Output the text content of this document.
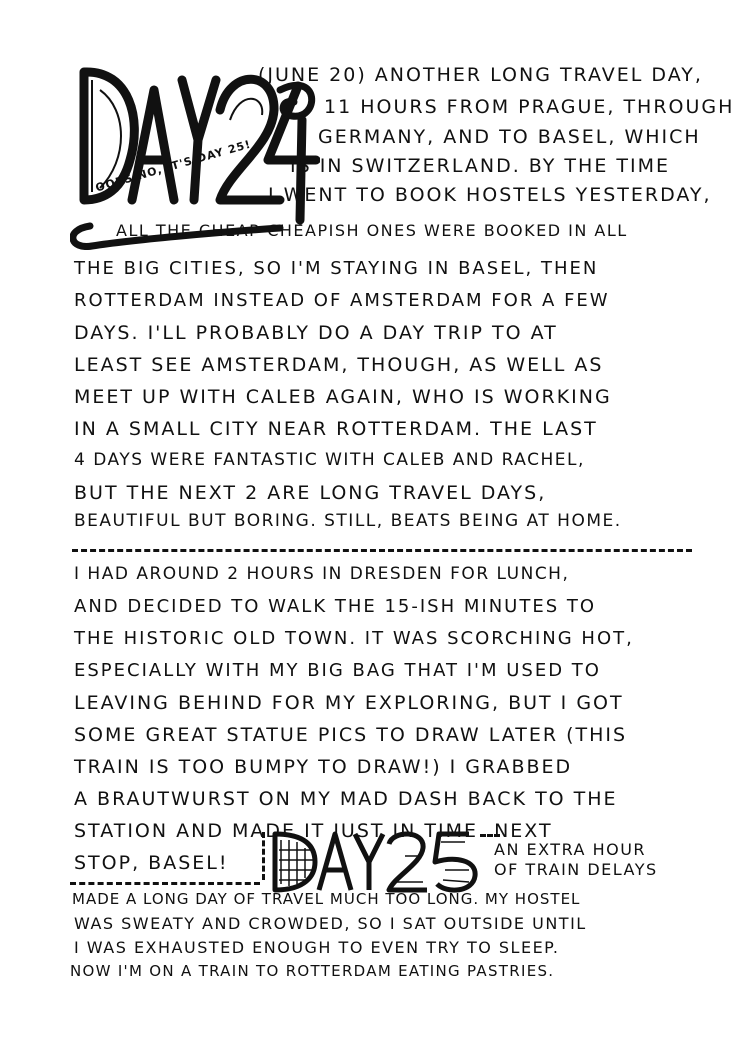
OOPS NO, IT'S DAY 25!
(JUNE 20) ANOTHER LONG TRAVEL DAY,
11 HOURS FROM PRAGUE, THROUGH
GERMANY, AND TO BASEL, WHICH
IS IN SWITZERLAND. BY THE TIME
I WENT TO BOOK HOSTELS YESTERDAY,
ALL THE CHEAP-CHEAPISH ONES WERE BOOKED IN ALL
THE BIG CITIES, SO I'M STAYING IN BASEL, THEN
ROTTERDAM INSTEAD OF AMSTERDAM FOR A FEW
DAYS. I'LL PROBABLY DO A DAY TRIP TO AT
LEAST SEE AMSTERDAM, THOUGH, AS WELL AS
MEET UP WITH CALEB AGAIN, WHO IS WORKING
IN A SMALL CITY NEAR ROTTERDAM. THE LAST
4 DAYS WERE FANTASTIC WITH CALEB AND RACHEL,
BUT THE NEXT 2 ARE LONG TRAVEL DAYS,
BEAUTIFUL BUT BORING. STILL, BEATS BEING AT HOME.
I HAD AROUND 2 HOURS IN DRESDEN FOR LUNCH,
AND DECIDED TO WALK THE 15-ISH MINUTES TO
THE HISTORIC OLD TOWN. IT WAS SCORCHING HOT,
ESPECIALLY WITH MY BIG BAG THAT I'M USED TO
LEAVING BEHIND FOR MY EXPLORING, BUT I GOT
SOME GREAT STATUE PICS TO DRAW LATER (THIS
TRAIN IS TOO BUMPY TO DRAW!) I GRABBED
A BRAUTWURST ON MY MAD DASH BACK TO THE
STATION AND MADE IT JUST IN TIME. NEXT
STOP, BASEL!
AN EXTRA HOUR
OF TRAIN DELAYS
MADE A LONG DAY OF TRAVEL MUCH TOO LONG. MY HOSTEL
WAS SWEATY AND CROWDED, SO I SAT OUTSIDE UNTIL
I WAS EXHAUSTED ENOUGH TO EVEN TRY TO SLEEP.
NOW I'M ON A TRAIN TO ROTTERDAM EATING PASTRIES.
